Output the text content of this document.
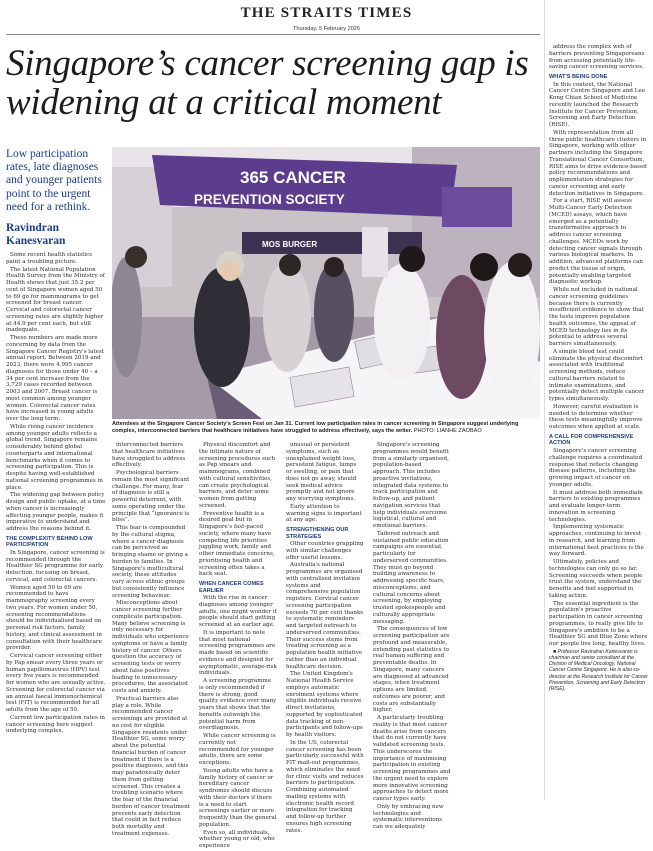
THE STRAITS TIMES
Thursday, 5 February 2026
Singapore’s cancer screening gap is widening at a critical moment
Low participation rates, late diagnoses and younger patients point to the urgent need for a rethink.
Ravindran Kanesvaran	MOS BURGER
365 CANCER
PREVENTION SOCIETY
Attendees at the Singapore Cancer Society's Screen Fest on Jan 31. Current low participation rates in cancer screening in Singapore suggest underlying complex, interconnected barriers that healthcare initiatives have struggled to address effectively, says the writer. PHOTO: LIANHE ZAOBAO

Some recent health statistics paint a troubling picture.

The latest National Population Health Survey from the Ministry of Health shows that just 35.2 per cent of Singapore women aged 50 to 69 go for mammograms to get screened for breast cancer. Cervical and colorectal cancer screening rates are slightly higher at 44.9 per cent each, but still inadequate.

These numbers are made more concerning by data from the Singapore Cancer Registry's latest annual report. Between 2019 and 2023, there were 4,995 cancer diagnoses for those under 40 – a 34 per cent increase from the 3,729 cases recorded between 2003 and 2007. Breast cancer is most common among younger women. Colorectal cancer rates have increased in young adults over the long term.

While rising cancer incidence among younger adults reflects a global trend, Singapore remains considerably behind global counterparts and international benchmarks when it comes to screening participation. This is despite having well-established national screening programmes in place.

The widening gap between policy design and public uptake, at a time when cancer is increasingly affecting younger people, makes it imperative to understand and address the reasons behind it.

THE COMPLEXITY BEHIND LOW PARTICIPATION

In Singapore, cancer screening is recommended through the Healthier SG programme for early detection, focusing on breast, cervical, and colorectal cancers.

Women aged 50 to 69 are recommended to have mammography screening every two years. For women under 50, screening recommendations should be individualised based on personal risk factors, family history, and clinical assessment in consultation with their healthcare provider.

Cervical cancer screening either by Pap smear every three years or human papillomavirus (HPV) test every five years is recommended for women who are sexually active. Screening for colorectal cancer via an annual faecal immunochemical test (FIT) is recommended for all adults from the age of 50.

Current low participation rates in cancer screening here suggest underlying complex,

interconnected barriers that healthcare initiatives have struggled to address effectively.

Psychological barriers remain the most significant challenge. For many, fear of diagnosis is still a powerful deterrent, with some operating under the principle that “ignorance is bliss”.

This fear is compounded by the cultural stigma, where a cancer diagnosis can be perceived as bringing shame or giving a burden to families. In Singapore's multicultural society, these attitudes vary across ethnic groups but consistently influence screening behaviour.

Misconceptions about cancer screening further complicate participation. Many believe screening is only necessary for individuals who experience symptoms or have a family history of cancer. Others question the accuracy of screening tests or worry about false positives leading to unnecessary procedures, the associated costs and anxiety.

Practical barriers also play a role. While recommended cancer screenings are provided at no cost for eligible Singapore residents under Healthier SG, some worry about the potential financial burden of cancer treatment if there is a positive diagnosis, and this may paradoxically deter them from getting screened. This creates a troubling scenario where the fear of the financial burden of cancer treatment prevents early detection that could in fact reduce both mortality and treatment expenses.

Physical discomfort and the intimate nature of screening procedures such as Pap smears and mammograms, combined with cultural sensitivities, can create psychological barriers, and deter some women from getting screened.

Preventive health is a desired goal but in Singapore's fast-paced society, where many have competing life priorities juggling work, family and other immediate concerns, prioritising health and screening often takes a back seat.

WHEN CANCER COMES EARLIER

With the rise in cancer diagnoses among younger adults, one might wonder if people should start getting screened at an earlier age.

It is important to note that most national screening programmes are made based on scientific evidence and designed for asymptomatic, average-risk individuals.

A screening programme is only recommended if there is strong, good quality evidence over many years that shows that the benefits outweigh the potential harm from overdiagnosis.

While cancer screening is currently not recommended for younger adults, there are some exceptions.

Young adults who have a family history of cancer or hereditary cancer syndromes should discuss with their doctors if there is a need to start screenings earlier or more frequently than the general population.

Even so, all individuals, whether young or old, who experience

unusual or persistent symptoms, such as unexplained weight loss, persistent fatigue, lumps or swelling, or pain that does not go away, should seek medical advice promptly and not ignore any worrying symptoms.

Early attention to warning signs is important at any age.

STRENGTHENING OUR STRATEGIES

Other countries grappling with similar challenges offer useful lessons.

Australia's national programmes are organised with centralised invitation systems and comprehensive population registers. Cervical cancer screening participation exceeds 70 per cent thanks to systematic reminders and targeted outreach to underserved communities. Their success stems from treating screening as a population health initiative rather than an individual healthcare decision.

The United Kingdom's National Health Service employs automatic enrolment systems where eligible individuals receive direct invitations, supported by sophisticated data tracking of non-participants and follow-ups by health visitors.

In the US, colorectal cancer screening has been particularly successful with FIT mail-out programmes, which eliminates the need for clinic visits and reduces barriers to participation. Combining automated mailing systems with electronic health record integration for tracking and follow-up further ensures high screening rates.

Singapore's screening programmes would benefit from a similarly organised, population-based approach. This includes proactive invitations, integrated data systems to track participation and follow-up, and patient navigation services that help individuals overcome logistical, cultural and emotional barriers.

Tailored outreach and sustained public education campaigns are essential, particularly for underserved communities. They must go beyond building awareness to addressing specific fears, misconceptions, and cultural concerns about screening, by employing trusted spokespeople and culturally appropriate messaging.

The consequences of low screening participation are profound and measurable, extending past statistics to real human suffering and preventable deaths. In Singapore, many cancers are diagnosed at advanced stages, when treatment options are limited, outcomes are poorer, and costs are substantially higher.

A particularly troubling reality is that most cancer deaths arise from cancers that do not currently have validated screening tests. This underscores the importance of maximising participation in existing screening programmes and the urgent need to explore more innovative screening approaches to detect more cancer types early.

Only by embracing new technologies and systematic interventions can we adequately

address the complex web of barriers preventing Singaporeans from accessing potentially life-saving cancer screening services.

WHAT'S BEING DONE

In this context, the National Cancer Centre Singapore and Lee Kong Chian School of Medicine recently launched the Research Institute for Cancer Prevention, Screening and Early Detection (RISE).

With representation from all three public healthcare clusters in Singapore, working with other partners including the Singapore Translational Cancer Consortium, RISE aims to drive evidence-based policy recommendations and implementation strategies for cancer screening and early detection initiatives in Singapore.

For a start, RISE will assess Multi-Cancer Early Detection (MCED) assays, which have emerged as a potentially transformative approach to address cancer screening challenges. MCEDs work by detecting cancer signals through various biological markers. In addition, advanced platforms can predict the tissue of origin, potentially enabling targeted diagnostic workup.

While not included in national cancer screening guidelines because there is currently insufficient evidence to show that the tests improve population health outcomes, the appeal of MCED technology lies in its potential to address several barriers simultaneously.

A simple blood test could eliminate the physical discomfort associated with traditional screening methods, reduce cultural barriers related to intimate examinations, and potentially detect multiple cancer types simultaneously.

However, careful evaluation is needed to determine whether these tests meaningfully improve outcomes when applied at scale.

A CALL FOR COMPREHENSIVE ACTION

Singapore's cancer screening challenge requires a coordinated response that reflects changing disease patterns, including the growing impact of cancer on younger adults.

It must address both immediate barriers to existing programmes and evaluate longer-term innovation in screening technologies.

Implementing systematic approaches, continuing to invest in research, and learning from international best practices is the way forward.

Ultimately, policies and technologies can only go so far. Screening succeeds when people trust the system, understand the benefits and feel supported in taking action.

The essential ingredient is the population's proactive participation in cancer screening programmes, to really give life to Singapore's ambition to be a Healthier SG and Blue Zone where our people live long, healthy lives.

■ Professor Ravindran Kanesvaran is chairman and senior consultant at the Division of Medical Oncology, National Cancer Centre Singapore. He is also co-director at the Research Institute for Cancer Prevention, Screening and Early Detection (RISE).
